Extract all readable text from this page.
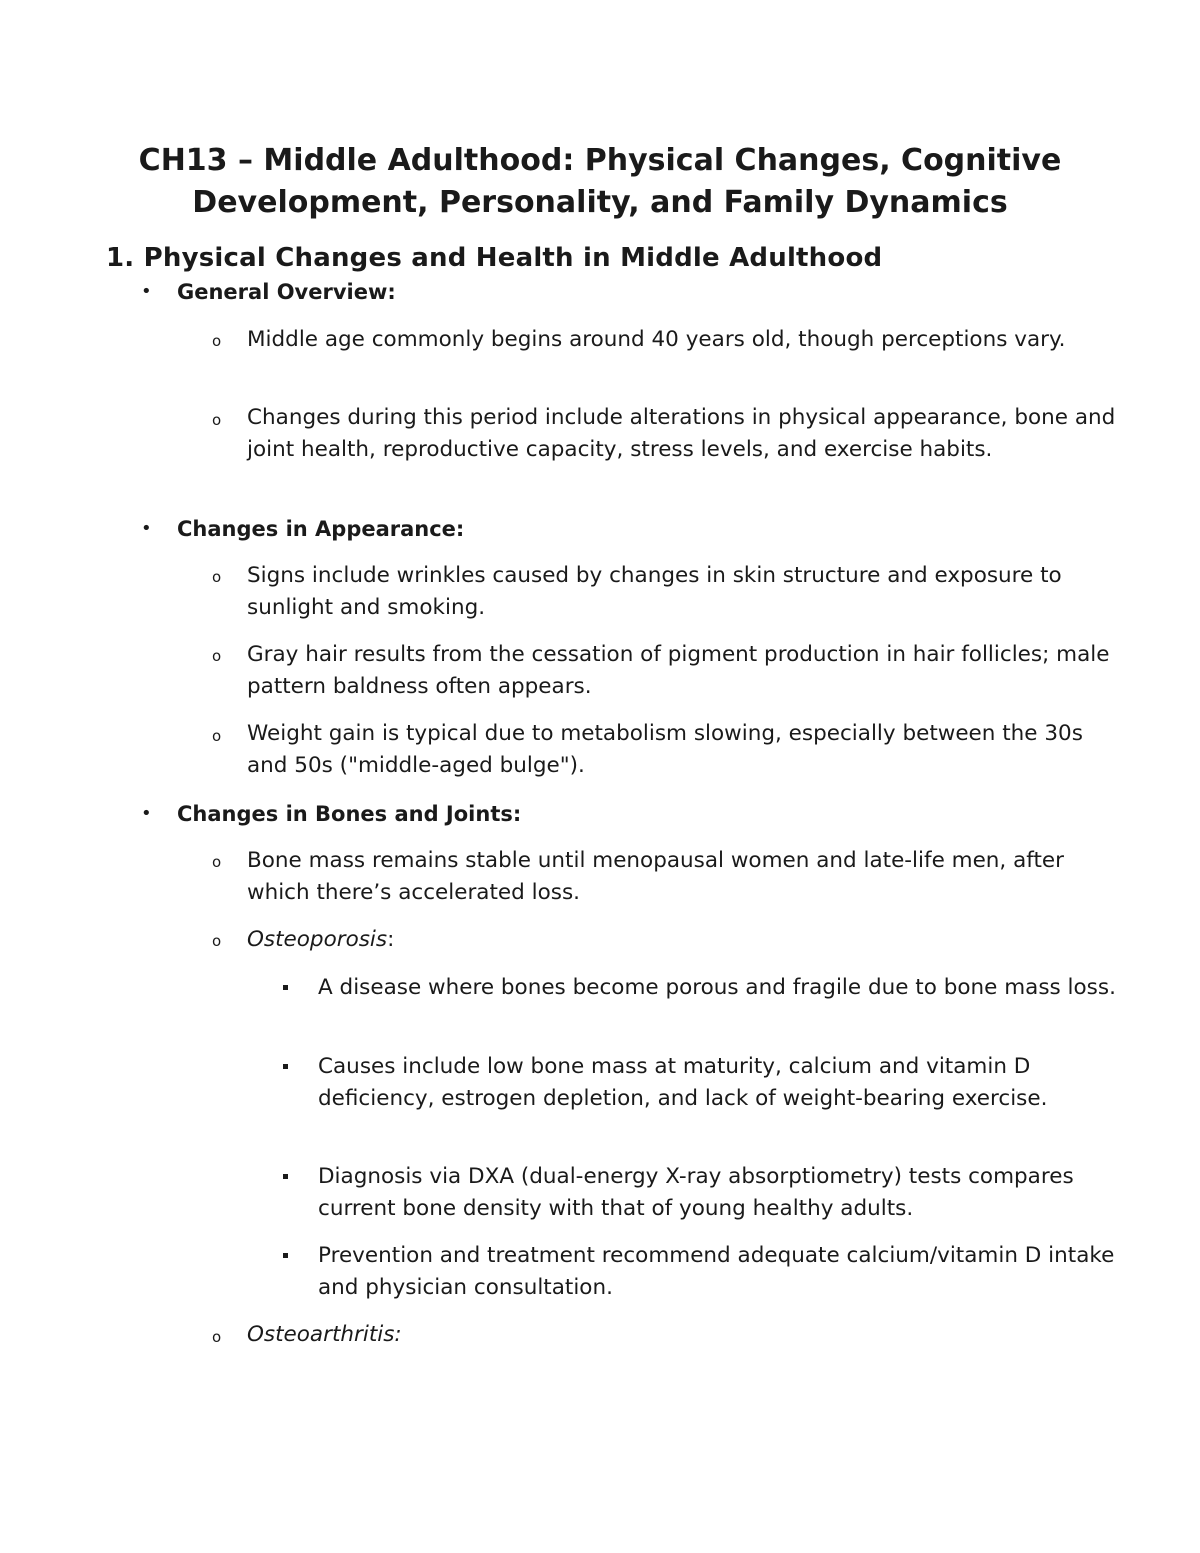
CH13 – Middle Adulthood: Physical Changes, Cognitive
Development, Personality, and Family Dynamics
1. Physical Changes and Health in Middle Adulthood
• General Overview:
o Middle age commonly begins around 40 years old, though perceptions vary.

o Changes during this period include alterations in physical appearance, bone and joint health, reproductive capacity, stress levels, and exercise habits.

• Changes in Appearance:
o Signs include wrinkles caused by changes in skin structure and exposure to sunlight and smoking.

o Gray hair results from the cessation of pigment production in hair follicles; male pattern baldness often appears.

o Weight gain is typical due to metabolism slowing, especially between the 30s and 50s ("middle-aged bulge").

• Changes in Bones and Joints:
o Bone mass remains stable until menopausal women and late-life men, after which there’s accelerated loss.

o Osteoporosis:

A disease where bones become porous and fragile due to bone mass loss.

Causes include low bone mass at maturity, calcium and vitamin D deficiency, estrogen depletion, and lack of weight-bearing exercise.

Diagnosis via DXA (dual-energy X-ray absorptiometry) tests compares current bone density with that of young healthy adults.

Prevention and treatment recommend adequate calcium/vitamin D intake and physician consultation.

o Osteoarthritis:
